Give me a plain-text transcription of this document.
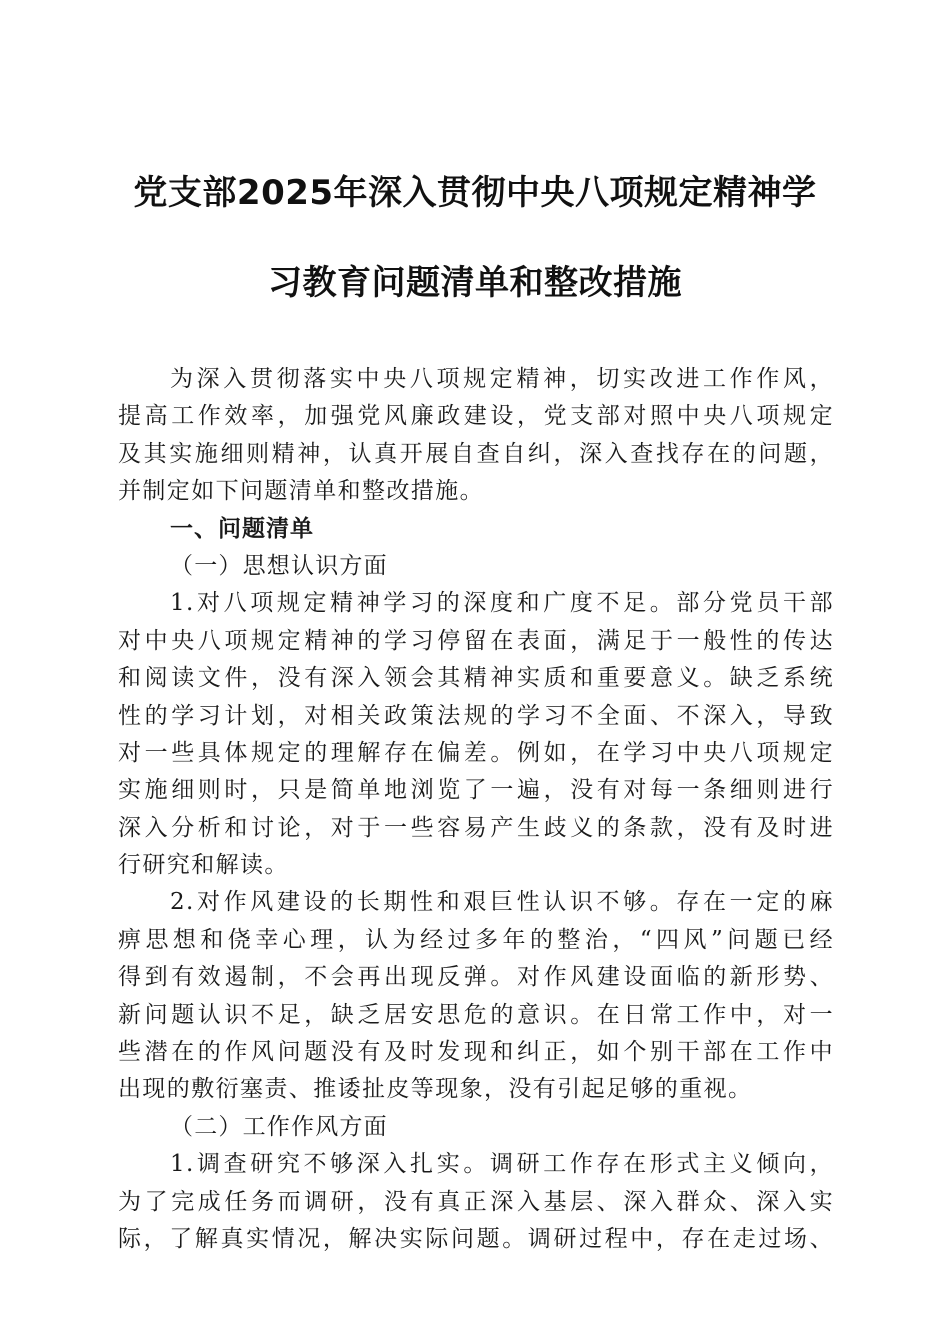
党支部2025年深入贯彻中央八项规定精神学
习教育问题清单和整改措施
为深入贯彻落实中央八项规定精神，切实改进工作作风，
提高工作效率，加强党风廉政建设，党支部对照中央八项规定
及其实施细则精神，认真开展自查自纠，深入查找存在的问题，
并制定如下问题清单和整改措施。
一、问题清单
（一）思想认识方面
1.对八项规定精神学习的深度和广度不足。部分党员干部
对中央八项规定精神的学习停留在表面，满足于一般性的传达
和阅读文件，没有深入领会其精神实质和重要意义。缺乏系统
性的学习计划，对相关政策法规的学习不全面、不深入，导致
对一些具体规定的理解存在偏差。例如，在学习中央八项规定
实施细则时，只是简单地浏览了一遍，没有对每一条细则进行
深入分析和讨论，对于一些容易产生歧义的条款，没有及时进
行研究和解读。
2.对作风建设的长期性和艰巨性认识不够。存在一定的麻
痹思想和侥幸心理，认为经过多年的整治，“四风”问题已经
得到有效遏制，不会再出现反弹。对作风建设面临的新形势、
新问题认识不足，缺乏居安思危的意识。在日常工作中，对一
些潜在的作风问题没有及时发现和纠正，如个别干部在工作中
出现的敷衍塞责、推诿扯皮等现象，没有引起足够的重视。
（二）工作作风方面
1.调查研究不够深入扎实。调研工作存在形式主义倾向，
为了完成任务而调研，没有真正深入基层、深入群众、深入实
际，了解真实情况，解决实际问题。调研过程中，存在走过场、
